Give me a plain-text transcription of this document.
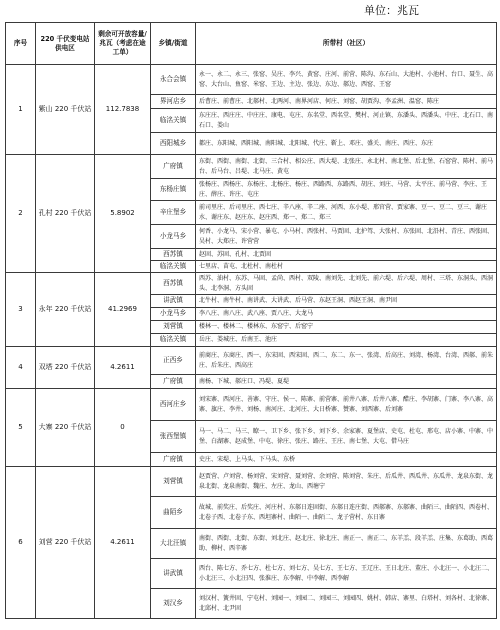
单位：兆瓦
序号	220 千伏变电站供电区	剩余可开放容量/兆瓦（考虑在途工单）	乡镇/街道	所带村（社区）
1	紫山 220 千伏站	112.7838	永合会镇	永一、永二、永三、张窑、吴庄、李兴、黄窑、庄河、前营、陈沟、东石山、大池村、小池村、台口、聂生、高窑、大台山、鱼窑、米窑、王边、主边、张边、东边、郝边、西窑、王窑
			界河店乡	后曹庄、前曹庄、北郝村、北两河、南界河店、何庄、刘窑、胡贾沟、李孟洲、温窑、陈庄
			临洺关镇	东庄庄、西庄庄、中庄庄、康电、屯庄、东名堂、西名堂、樊村、河止镇、东潘头、西潘头、中庄、北石口、南石口、娄山
			西阳城乡	都庄、东阳城、西阳城、南阳城、北阳城、代庄、靳上、邓庄、盛关、南庄、西庄、东庄
2	孔村 220 千伏站	5.8902	广府镇	东街、西街、南街、北街、三合村、相公庄、西大堤、北张庄、永北村、南北堡、后北堡、石窑营、陈村、前马台、后马台、吕堤、北马庄、黄屯
			东杨庄镇	张杨庄、西杨庄、东杨庄、北杨庄、杨庄、西路西、东路西、胡庄、刘庄、马营、太平庄、前马营、李庄、王庄、薛庄、许庄、屯庄
			辛庄堡乡	前司里庄、后司里庄、西七庄、辛八座、辛二座、河西、东小堤、邢官营、贾家寨、豆一、豆二、豆三、谢庄水、谢庄东、赵庄东、赵庄西、郑一、郑二、郑三
			小龙马乡	何香、小龙马、宋小营、暴屯、小马村、西张村、马贾固、北护驾、大张村、东张固、北沿村、青庄、西张固、吴村、大郑庄、许营营
			西苏镇	赵固、苏固、孔村、北贾固
			临洺关镇	七里店、苗屯、北杜村、南杜村
3	永年 220 千伏站	41.2969	西苏镇	西苏、油村、东苏、马固、孟尚、西村、双陵、南刘先、北刘先、前六堤、后六堤、周村、三塔、东洞头、西洞头、北李洞、方头固
			讲武镇	北牛村、南牛村、南讲武、大讲武、后马营、东赵王洞、西赵王洞、南尹固
			小龙马乡	李八庄、南八庄、武八座、贾八庄、大龙马
			刘营镇	楼林一、楼林二、楼林东、东窑宁、后窑宁
			临洺关镇	岳庄、娄城庄、后南王、池庄
4	双塔 220 千伏站	4.2611	正西乡	前商庄、东商庄、西一、东宋固、西宋固、西二、东二、东一、张湾、后高庄、刘湾、杨湾、台湾、西郝、前朱庄、后朱庄、西高庄
			广府镇	南杨、下城、郝庄口、冯堤、夏堤
5	大寨 220 千伏站	0	西河庄乡	刘宋寨、西河庄、善寨、守庄、侯一、陈寨、前营寨、前井八寨、后井八寨、醋庄、李胡寨、门寨、李八寨、高寨、旗庄、李井、刘杨、南河庄、北河庄、大日桥寨、赞寨、刘西寨、后刘寨
			张西堡镇	马一、马二、马三、瞭一、卫下乡、张下乡、刘下乡、余家寨、夏堡店、史屯、杜屯、邢屯、店小寨、中寨、中堡、白湖寨、赵成堡、中屯、徐庄、张庄、路庄、王庄、南七堡、大屯、借马庄
			广府镇	史庄、宋堤、上马头、下马头、东桥
6	刘营 220 千伏站	4.2611	刘营镇	赵贾营、卢刘营、杨刘营、宋刘营、聂刘营、余刘营、陈刘营、朱庄、后瓜井、西瓜井、东瓜井、龙泉东街、龙泉北街、龙泉南街、魏庄、左庄、龙山、西塘宁
			曲陌乡	故城、前奖庄、后奖庄、河庄村、东郝日连固街、东郝日连庄街、西郝寨、东郝寨、曲陌三、曲陌四、西卷村、北卷子西、北卷子东、西坦寨村、曲陌一、曲陌二、龙子营村、东日寨
			大北汪镇	南街、西街、北街、东街、刘北庄、赵北庄、徐北庄、南正一、南正二、东羊羔、段羊羔、庄集、东葛助、西葛助、柳村、西辛寨
			讲武镇	西台、陈七方、乔七方、杜七方、刘七方、吴七方、王七方、王辽庄、王日北庄、董庄、小北汪一、小北汪二、小北汪三、小北汪四、张淮庄、东李解、中李解、西李解
			刘汉乡	刘汉村、簧井固、宁屯村、刘园一、刘园二、刘园三、刘园四、姚村、韩店、寨里、白塔村、刘各村、北徐寨、北邱村、北尹固
